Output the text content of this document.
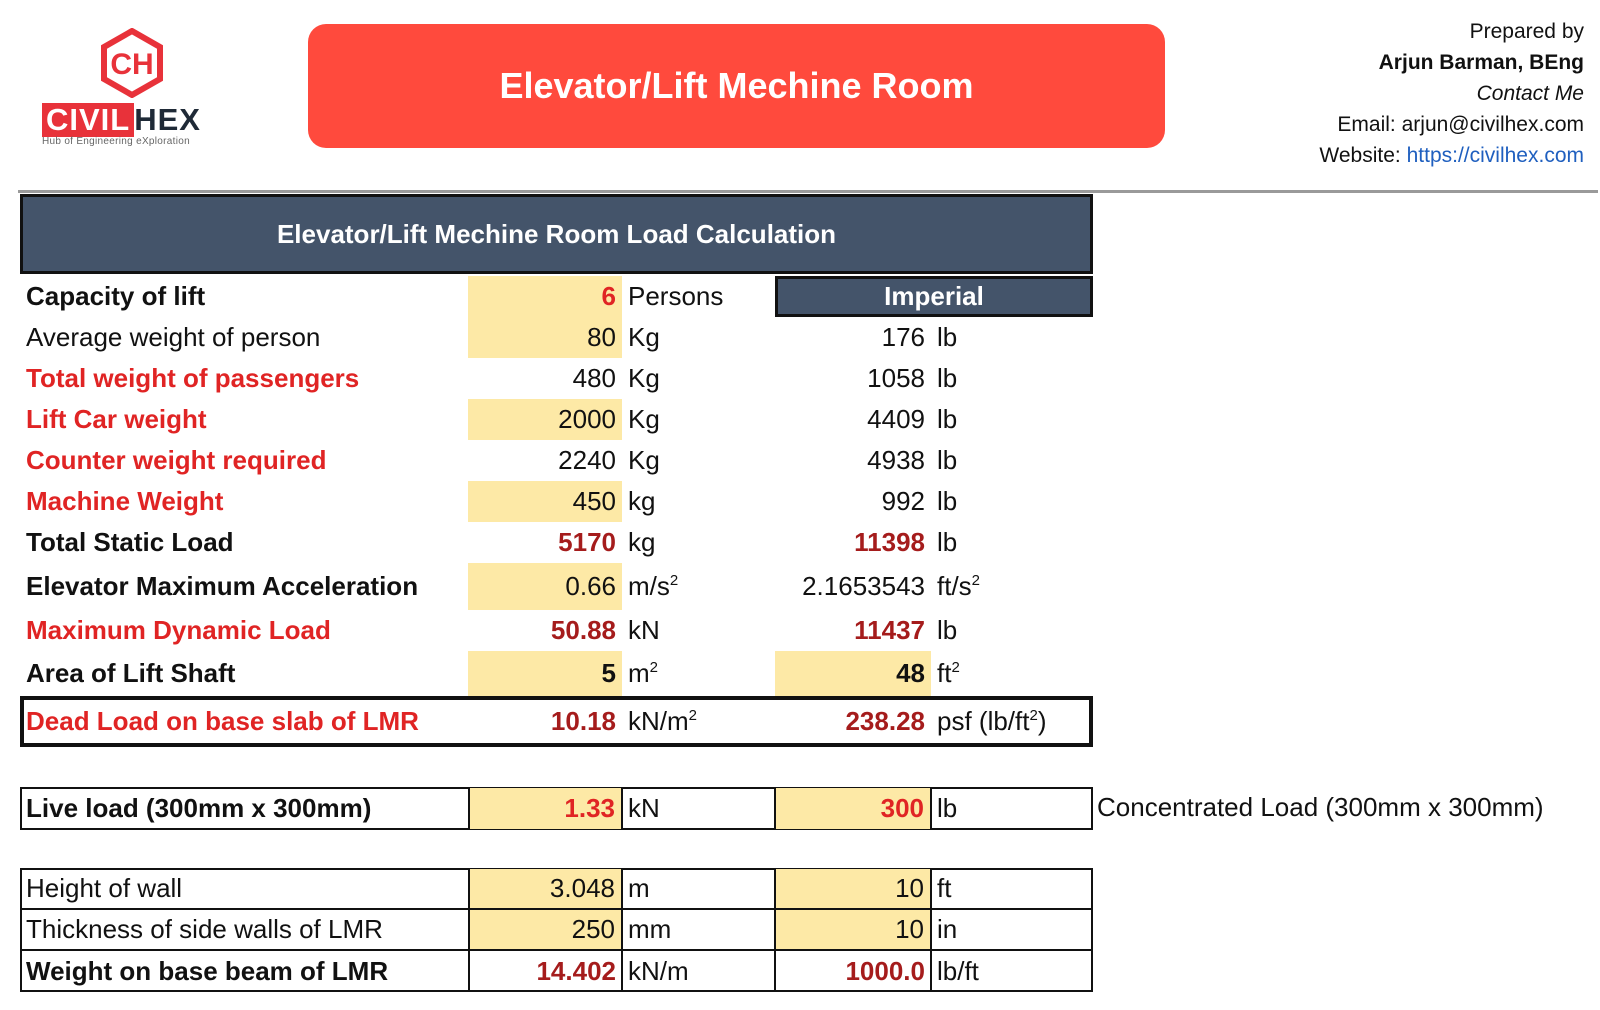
CH
CIVIL HEX
Hub of Engineering eXploration
Elevator/Lift Mechine Room
Prepared by
Arjun Barman, BEng
Contact Me
Email: arjun@civilhex.com
Website: https://civilhex.com
Elevator/Lift Mechine Room Load Calculation
Imperial
Capacity of lift	6 Persons
Average weight of person	80 Kg	176 lb
Total weight of passengers	480 Kg	1058 lb
Lift Car weight	2000 Kg	4409 lb
Counter weight required	2240 Kg	4938 lb
Machine Weight	450 kg	992 lb
Total Static Load	5170 kg	11398 lb
Elevator Maximum Acceleration	0.66 $m/s^2$	2.1653543 $ft/s^2$
Maximum Dynamic Load	50.88 kN	11437 lb
Area of Lift Shaft	5 $m^2$	48 $ft^2$
Dead Load on base slab of LMR	10.18 $kN/m^2$	238.28 psf ($lb/ft^2$ )
Live load (300mm x 300mm)	1.33 kN	300 lb	Concentrated Load (300mm x 300mm)
Height of wall	3.048 m	10 ft
Thickness of side walls of LMR	250 mm	10 in
Weight on base beam of LMR	14.402 kN/m	1000.0 lb/ft
